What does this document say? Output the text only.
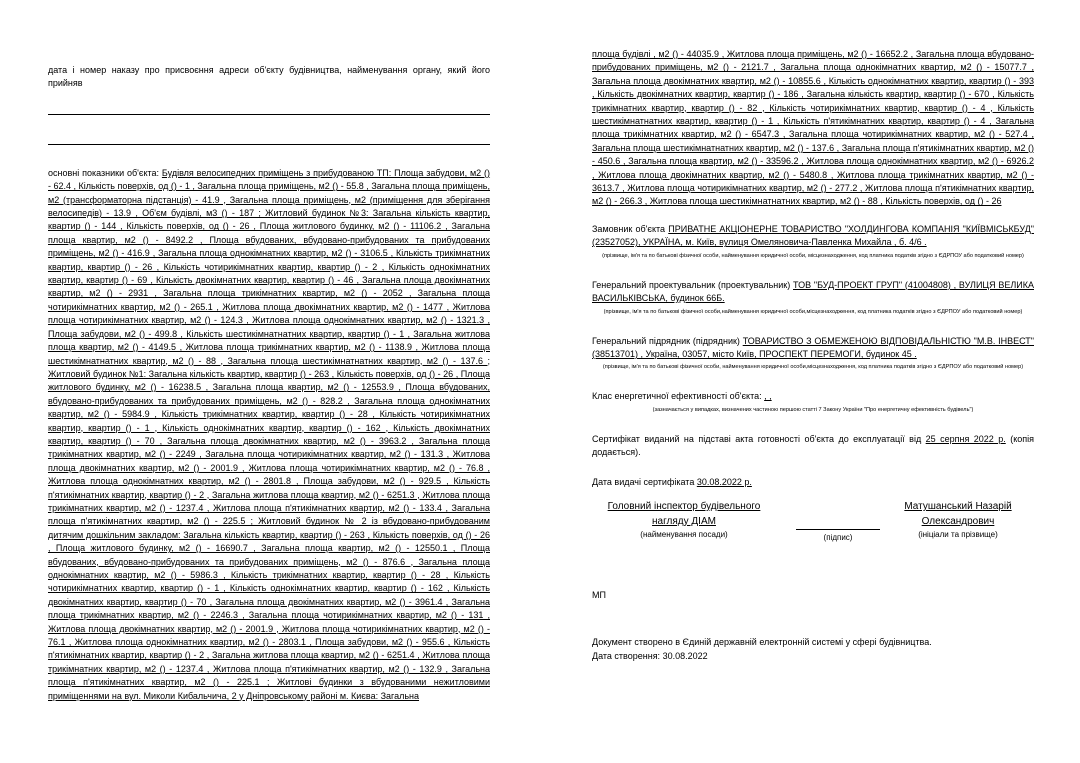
дата і номер наказу про присвоєння адреси об'єкту будівництва, найменування органу, який його прийняв

основні показники об'єкта: Будівля велосипедних приміщень з прибудованою ТП: Площа забудови, м2 () - 62.4 , Кількість поверхів, од () - 1 , Загальна площа приміщень, м2 () - 55.8 , Загальна площа приміщень, м2 (трансформаторна підстанція) - 41.9 , Загальна площа приміщень, м2 (приміщення для зберігання велосипедів) - 13.9 , Об'єм будівлі, м3 () - 187 ; Житловий будинок №3: Загальна кількість квартир, квартир () - 144 , Кількість поверхів, од () - 26 , Площа житлового будинку, м2 () - 11106.2 , Загальна площа квартир, м2 () - 8492.2 , Площа вбудованих, вбудовано-прибудованих та прибудованих приміщень, м2 () - 416.9 , Загальна площа однокімнатних квартир, м2 () - 3106.5 , Кількість трикімнатних квартир, квартир () - 26 , Кількість чотирикімнатних квартир, квартир () - 2 , Кількість однокімнатних квартир, квартир () - 69 , Кількість двокімнатних квартир, квартир () - 46 , Загальна площа двокімнатних квартир, м2 () - 2931 , Загальна площа трикімнатних квартир, м2 () - 2052 , Загальна площа чотирикімнатних квартир, м2 () - 265.1 , Житлова площа двокімнатних квартир, м2 () - 1477 , Житлова площа чотирикімнатних квартир, м2 () - 124.3 , Житлова площа однокімнатних квартир, м2 () - 1321.3 , Площа забудови, м2 () - 499.8 , Кількість шестикімнатнатних квартир, квартир () - 1 , Загальна житлова площа квартир, м2 () - 4149.5 , Житлова площа трикімнатних квартир, м2 () - 1138.9 , Житлова площа шестикімнатнатних квартир, м2 () - 88 , Загальна площа шестикімнатнатних квартир, м2 () - 137.6 ; Житловий будинок №1: Загальна кількість квартир, квартир () - 263 , Кількість поверхів, од () - 26 , Площа житлового будинку, м2 () - 16238.5 , Загальна площа квартир, м2 () - 12553.9 , Площа вбудованих, вбудовано-прибудованих та прибудованих приміщень, м2 () - 828.2 , Загальна площа однокімнатних квартир, м2 () - 5984.9 , Кількість трикімнатних квартир, квартир () - 28 , Кількість чотирикімнатних квартир, квартир () - 1 , Кількість однокімнатних квартир, квартир () - 162 , Кількість двокімнатних квартир, квартир () - 70 , Загальна площа двокімнатних квартир, м2 () - 3963.2 , Загальна площа трикімнатних квартир, м2 () - 2249 , Загальна площа чотирикімнатних квартир, м2 () - 131.3 , Житлова площа двокімнатних квартир, м2 () - 2001.9 , Житлова площа чотирикімнатних квартир, м2 () - 76.8 , Житлова площа однокімнатних квартир, м2 () - 2801.8 , Площа забудови, м2 () - 929.5 , Кількість п'ятикімнатних квартир, квартир () - 2 , Загальна житлова площа квартир, м2 () - 6251.3 , Житлова площа трикімнатних квартир, м2 () - 1237.4 , Житлова площа п'ятикімнатних квартир, м2 () - 133.4 , Загальна площа п'ятикімнатних квартир, м2 () - 225.5 ; Житловий будинок № 2 із вбудовано-прибудованим дитячим дошкільним закладом: Загальна кількість квартир, квартир () - 263 , Кількість поверхів, од () - 26 , Площа житлового будинку, м2 () - 16690.7 , Загальна площа квартир, м2 () - 12550.1 , Площа вбудованих, вбудовано-прибудованих та прибудованих приміщень, м2 () - 876.6 , Загальна площа однокімнатних квартир, м2 () - 5986.3 , Кількість трикімнатних квартир, квартир () - 28 , Кількість чотирикімнатних квартир, квартир () - 1 , Кількість однокімнатних квартир, квартир () - 162 , Кількість двокімнатних квартир, квартир () - 70 , Загальна площа двокімнатних квартир, м2 () - 3961.4 , Загальна площа трикімнатних квартир, м2 () - 2246.3 , Загальна площа чотирикімнатних квартир, м2 () - 131 , Житлова площа двокімнатних квартир, м2 () - 2001.9 , Житлова площа чотирикімнатних квартир, м2 () - 76.1 , Житлова площа однокімнатних квартир, м2 () - 2803.1 , Площа забудови, м2 () - 955.6 , Кількість п'ятикімнатних квартир, квартир () - 2 , Загальна житлова площа квартир, м2 () - 6251.4 , Житлова площа трикімнатних квартир, м2 () - 1237.4 , Житлова площа п'ятикімнатних квартир, м2 () - 132.9 , Загальна площа п'ятикімнатних квартир, м2 () - 225.1 ; Житлові будинки з вбудованими нежитловими приміщеннями на вул. Миколи Кибальчича, 2 у Дніпровському районі м. Києва: Загальна

площа будівлі , м2 () - 44035.9 , Житлова площа приміщень, м2 () - 16652.2 , Загальна площа вбудовано-прибудованих приміщень, м2 () - 2121.7 , Загальна площа однокімнатних квартир, м2 () - 15077.7 , Загальна площа двокімнатних квартир, м2 () - 10855.6 , Кількість однокімнатних квартир, квартир () - 393 , Кількість двокімнатних квартир, квартир () - 186 , Загальна кількість квартир, квартир () - 670 , Кількість трикімнатних квартир, квартир () - 82 , Кількість чотирикімнатних квартир, квартир () - 4 , Кількість шестикімнатнатних квартир, квартир () - 1 , Кількість п'ятикімнатних квартир, квартир () - 4 , Загальна площа трикімнатних квартир, м2 () - 6547.3 , Загальна площа чотирикімнатних квартир, м2 () - 527.4 , Загальна площа шестикімнатнатних квартир, м2 () - 137.6 , Загальна площа п'ятикімнатних квартир, м2 () - 450.6 , Загальна площа квартир, м2 () - 33596.2 , Житлова площа однокімнатних квартир, м2 () - 6926.2 , Житлова площа двокімнатних квартир, м2 () - 5480.8 , Житлова площа трикімнатних квартир, м2 () - 3613.7 , Житлова площа чотирикімнатних квартир, м2 () - 277.2 , Житлова площа п'ятикімнатних квартир, м2 () - 266.3 , Житлова площа шестикімнатнатних квартир, м2 () - 88 , Кількість поверхів, од () - 26

Замовник об'єкта ПРИВАТНЕ АКЦІОНЕРНЕ ТОВАРИСТВО "ХОЛДИНГОВА КОМПАНІЯ "КИЇВМІСЬКБУД" (23527052), УКРАЇНА, м. Київ, вулиця Омеляновича-Павленка Михайла , б. 4/6 .

(прізвище, ім'я та по батькові фізичної особи, найменування юридичної особи, місцезнаходження, код платника податків згідно з ЄДРПОУ або податковий номер)

Генеральний проектувальник (проектувальник) ТОВ "БУД-ПРОЕКТ ГРУП" (41004808) , ВУЛИЦЯ ВЕЛИКА ВАСИЛЬКІВСЬКА, будинок 66Б.

(прізвище, ім'я та по батькові фізичної особи,найменування юридичної особи,місцезнаходження, код платника податків згідно з ЄДРПОУ або податковий номер)

Генеральний підрядник (підрядник) ТОВАРИСТВО З ОБМЕЖЕНОЮ ВІДПОВІДАЛЬНІСТЮ "М.В. ІНВЕСТ" (38513701) , Україна, 03057, місто Київ, ПРОСПЕКТ ПЕРЕМОГИ, будинок 45 .

(прізвище, ім'я та по батькові фізичної особи, найменування юридичної особи,місцезнаходження, код платника податків згідно з ЄДРПОУ або податковий номер)

Клас енергетичної ефективності об'єкта: , ,

(зазначається у випадках, визначених частиною першою статті 7 Закону України "Про енергетичну ефективність будівель")

Сертифікат виданий на підставі акта готовності об'єкта до експлуатації від 25 серпня 2022 р. (копія додається).

Дата видачі сертифіката 30.08.2022 р.

Головний інспектор будівельного нагляду ДІАМ
(найменування посади)	(підпис)
Матушанський Назарій Олександрович
(ініціали та прізвище)

МП

Документ створено в Єдиній державній електронній системі у сфері будівництва.

Дата створення: 30.08.2022
